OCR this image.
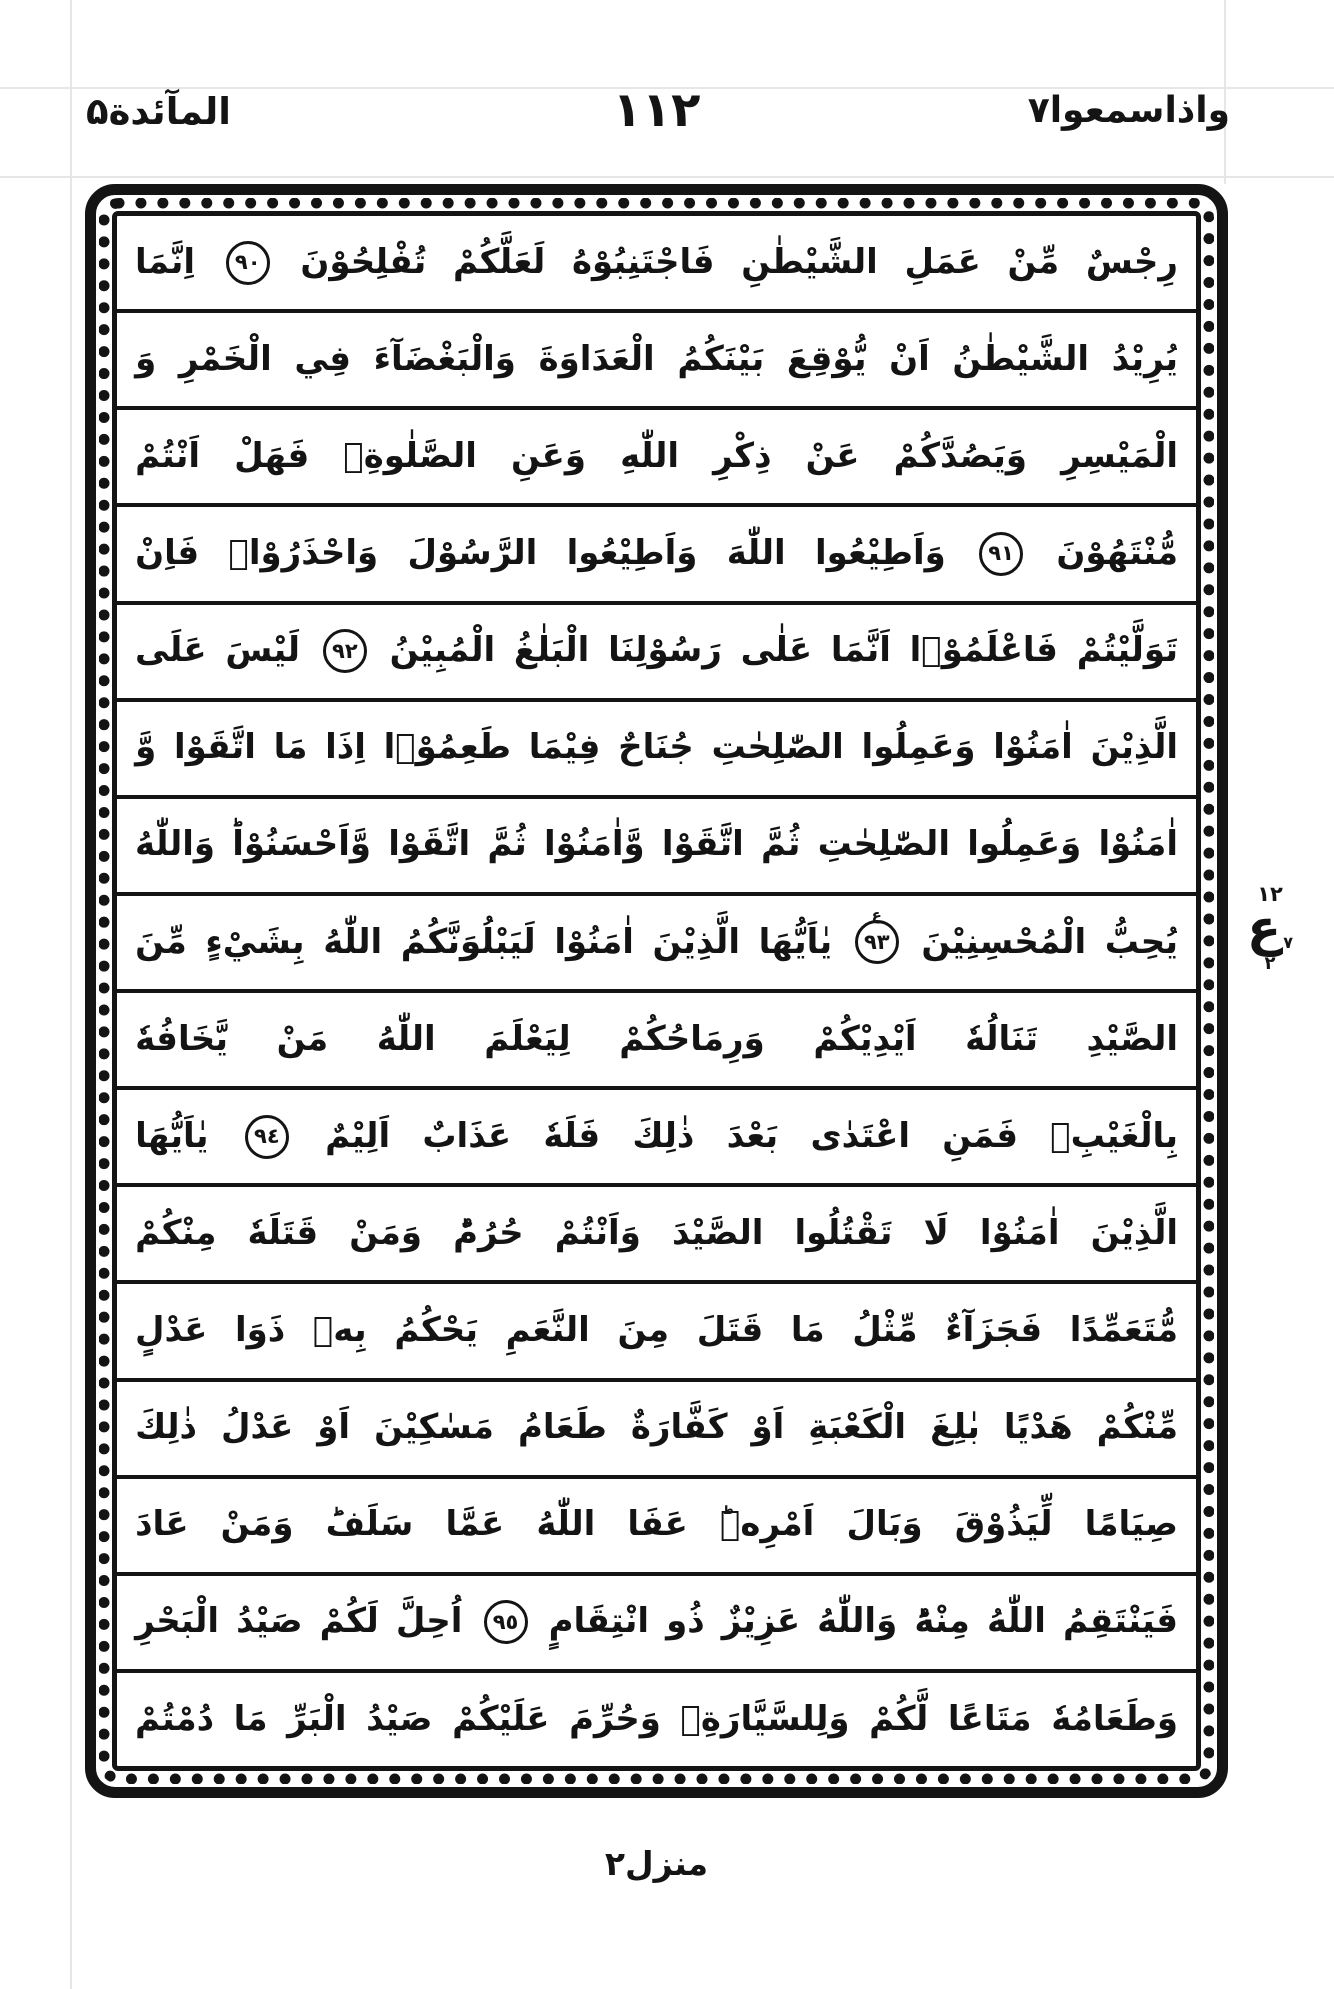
المآئدة۵	١١٢	واذاسمعوا۷
رِجْسٌ
مِّنْ
عَمَلِ
الشَّيْطٰنِ
فَاجْتَنِبُوْهُ
لَعَلَّكُمْ
تُفْلِحُوْنَ
٩٠
اِنَّمَا
يُرِيْدُ
الشَّيْطٰنُ
اَنْ
يُّوْقِعَ
بَيْنَكُمُ
الْعَدَاوَةَ
وَالْبَغْضَآءَ
فِي
الْخَمْرِ
وَ
الْمَيْسِرِ
وَيَصُدَّكُمْ
عَنْ
ذِكْرِ
اللّٰهِ
وَعَنِ
الصَّلٰوةِۚ
فَهَلْ
اَنْتُمْ
مُّنْتَهُوْنَ
٩١
وَاَطِيْعُوا
اللّٰهَ
وَاَطِيْعُوا
الرَّسُوْلَ
وَاحْذَرُوْاۚ
فَاِنْ
تَوَلَّيْتُمْ
فَاعْلَمُوْۤا
اَنَّمَا
عَلٰى
رَسُوْلِنَا
الْبَلٰغُ
الْمُبِيْنُ
٩٢
لَيْسَ
عَلَى
الَّذِيْنَ
اٰمَنُوْا
وَعَمِلُوا
الصّٰلِحٰتِ
جُنَاحٌ
فِيْمَا
طَعِمُوْۤا
اِذَا
مَا
اتَّقَوْا
وَّ
اٰمَنُوْا
وَعَمِلُوا
الصّٰلِحٰتِ
ثُمَّ
اتَّقَوْا
وَّاٰمَنُوْا
ثُمَّ
اتَّقَوْا
وَّاَحْسَنُوْاؕ
وَاللّٰهُ
يُحِبُّ
الْمُحْسِنِيْنَ
٩٣
ع
يٰاَيُّهَا
الَّذِيْنَ
اٰمَنُوْا
لَيَبْلُوَنَّكُمُ
اللّٰهُ
بِشَيْءٍ
مِّنَ
الصَّيْدِ
تَنَالُهٗ
اَيْدِيْكُمْ
وَرِمَاحُكُمْ
لِيَعْلَمَ
اللّٰهُ
مَنْ
يَّخَافُهٗ
بِالْغَيْبِۚ
فَمَنِ
اعْتَدٰى
بَعْدَ
ذٰلِكَ
فَلَهٗ
عَذَابٌ
اَلِيْمٌ
٩٤
يٰاَيُّهَا
الَّذِيْنَ
اٰمَنُوْا
لَا
تَقْتُلُوا
الصَّيْدَ
وَاَنْتُمْ
حُرُمٌؕ
وَمَنْ
قَتَلَهٗ
مِنْكُمْ
مُّتَعَمِّدًا
فَجَزَآءٌ
مِّثْلُ
مَا
قَتَلَ
مِنَ
النَّعَمِ
يَحْكُمُ
بِهٖ
ذَوَا
عَدْلٍ
مِّنْكُمْ
هَدْيًا
بٰلِغَ
الْكَعْبَةِ
اَوْ
كَفَّارَةٌ
طَعَامُ
مَسٰكِيْنَ
اَوْ
عَدْلُ
ذٰلِكَ
صِيَامًا
لِّيَذُوْقَ
وَبَالَ
اَمْرِهٖؕ
عَفَا
اللّٰهُ
عَمَّا
سَلَفَؕ
وَمَنْ
عَادَ
فَيَنْتَقِمُ
اللّٰهُ
مِنْهُؕ
وَاللّٰهُ
عَزِيْزٌ
ذُو
انْتِقَامٍ
٩٥
اُحِلَّ
لَكُمْ
صَيْدُ
الْبَحْرِ
وَطَعَامُهٗ
مَتَاعًا
لَّكُمْ
وَلِلسَّيَّارَةِۚ
وَحُرِّمَ
عَلَيْكُمْ
صَيْدُ
الْبَرِّ
مَا
دُمْتُمْ
١٢
ع ٧
٢
منزل٢
